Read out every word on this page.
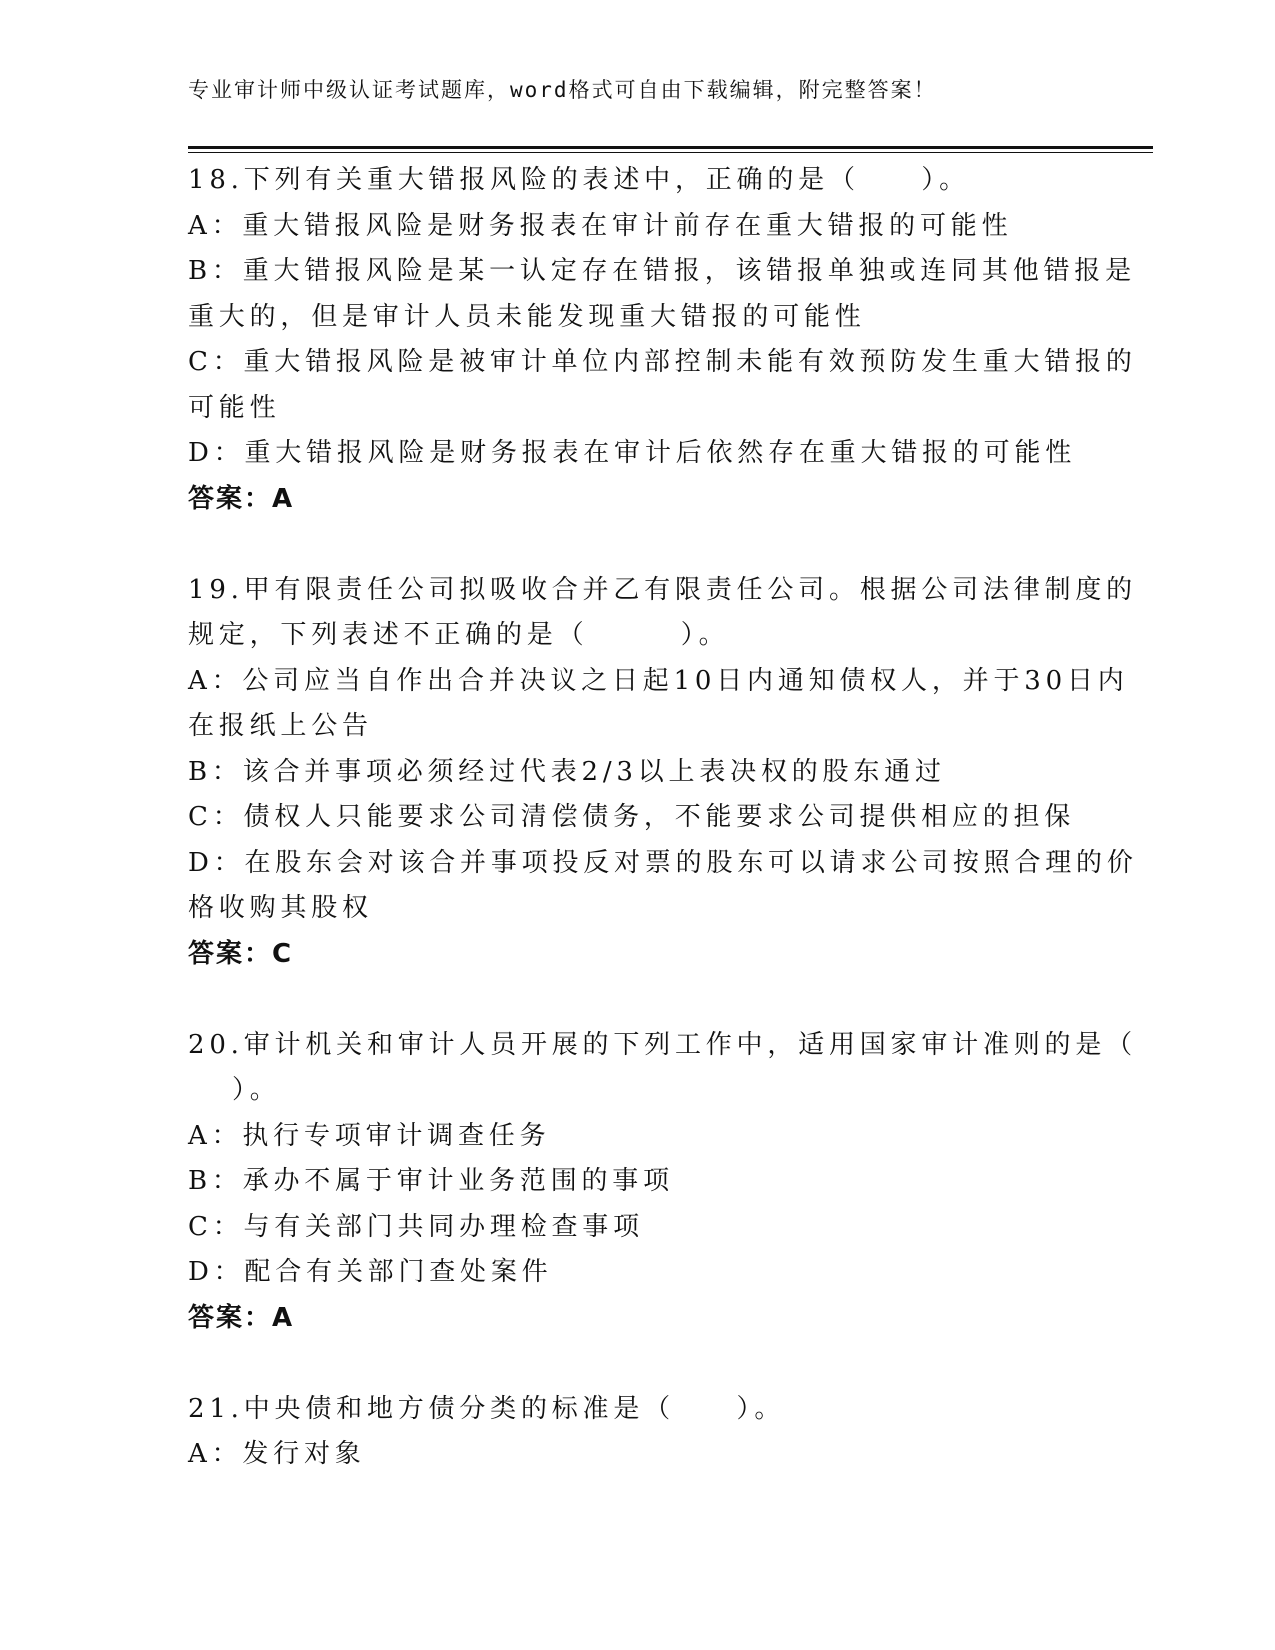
专业审计师中级认证考试题库，word格式可自由下载编辑，附完整答案！
18.下列有关重大错报风险的表述中，正确的是（　　）。
A：重大错报风险是财务报表在审计前存在重大错报的可能性
B：重大错报风险是某一认定存在错报，该错报单独或连同其他错报是
重大的，但是审计人员未能发现重大错报的可能性
C：重大错报风险是被审计单位内部控制未能有效预防发生重大错报的
可能性
D：重大错报风险是财务报表在审计后依然存在重大错报的可能性
答案：A
19.甲有限责任公司拟吸收合并乙有限责任公司。根据公司法律制度的
规定，下列表述不正确的是（　　　）。
A：公司应当自作出合并决议之日起10日内通知债权人，并于30日内
在报纸上公告
B：该合并事项必须经过代表2/3以上表决权的股东通过
C：债权人只能要求公司清偿债务，不能要求公司提供相应的担保
D：在股东会对该合并事项投反对票的股东可以请求公司按照合理的价
格收购其股权
答案：C
20.审计机关和审计人员开展的下列工作中，适用国家审计准则的是（
）。
A：执行专项审计调查任务
B：承办不属于审计业务范围的事项
C：与有关部门共同办理检查事项
D：配合有关部门查处案件
答案：A
21.中央债和地方债分类的标准是（　　）。
A：发行对象
